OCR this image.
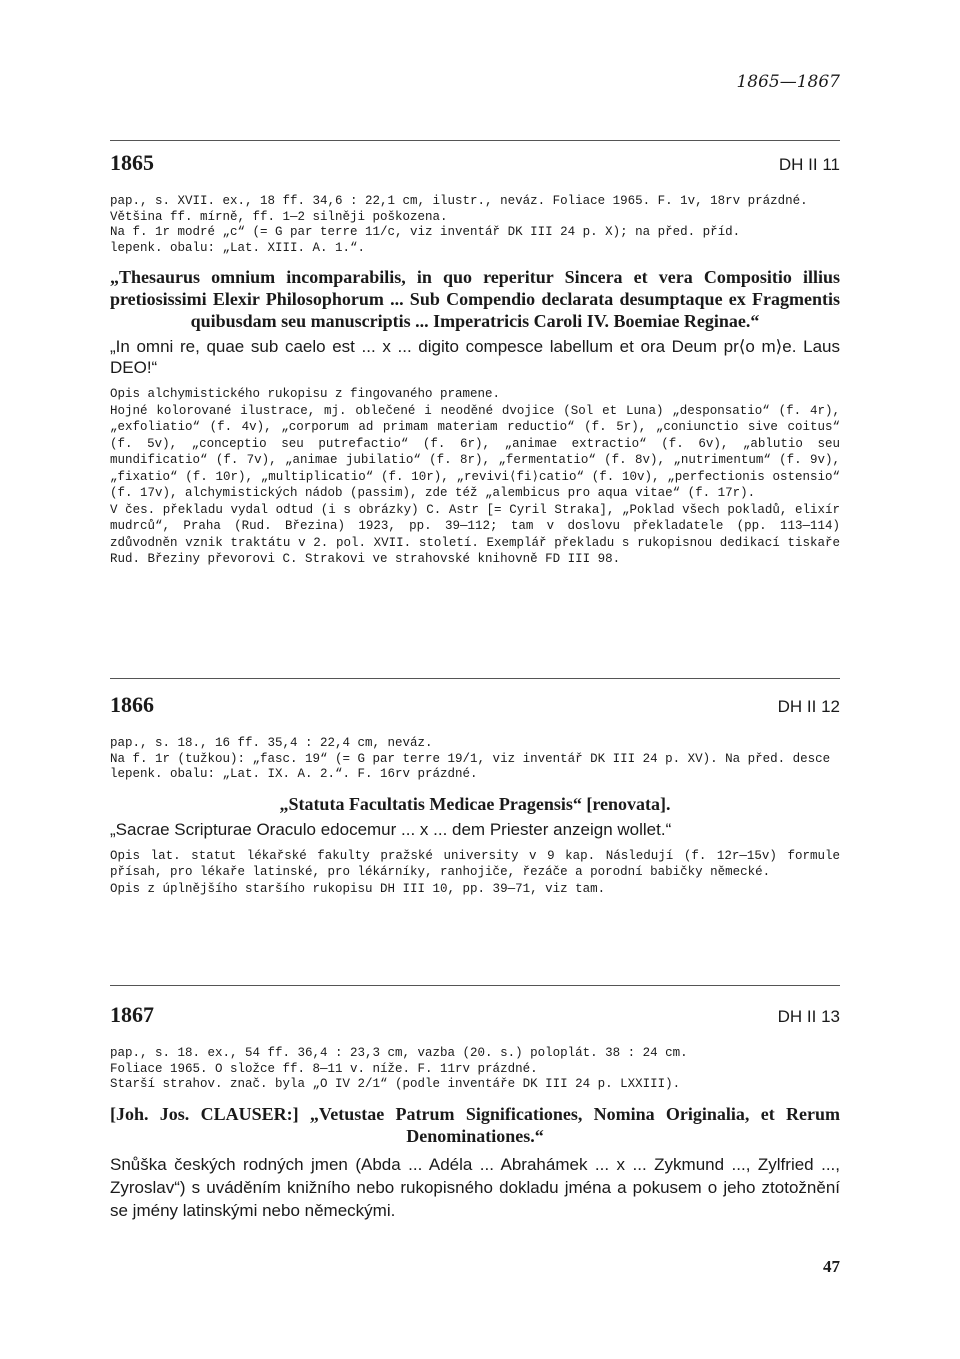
1865—1867
1865	DH II 11
pap., s. XVII. ex., 18 ff. 34,6 : 22,1 cm, ilustr., neváz. Foliace 1965. F. 1v, 18rv prázdné.
Většina ff. mírně, ff. 1—2 silněji poškozena.
Na f. 1r modré „c“ (= G par terre 11/c, viz inventář DK III 24 p. X); na před. příd.
lepenk. obalu: „Lat. XIII. A. 1.“.
„Thesaurus omnium incomparabilis, in quo reperitur Sincera et vera Compositio illius pretiosissimi Elexir Philosophorum ... Sub Compendio declarata desumptaque ex Fragmentis quibusdam seu manuscriptis ... Imperatricis Caroli IV. Boemiae Reginae.“
„In omni re, quae sub caelo est ... x ... digito compesce labellum et ora Deum pr⟨o m⟩e. Laus DEO!“

Opis alchymistického rukopisu z fingovaného pramene.

Hojné kolorované ilustrace, mj. oblečené i neoděné dvojice (Sol et Luna) „desponsatio“ (f. 4r), „exfoliatio“ (f. 4v), „corporum ad primam materiam reductio“ (f. 5r), „coniunctio sive coitus“ (f. 5v), „conceptio seu putrefactio“ (f. 6r), „animae extractio“ (f. 6v), „ablutio seu mundificatio“ (f. 7v), „animae jubilatio“ (f. 8r), „fermentatio“ (f. 8v), „nutrimentum“ (f. 9v), „fixatio“ (f. 10r), „multiplicatio“ (f. 10r), „revivi⟨fi⟩catio“ (f. 10v), „perfectionis ostensio“ (f. 17v), alchymistických nádob (passim), zde též „alembicus pro aqua vitae“ (f. 17r).

V čes. překladu vydal odtud (i s obrázky) C. Astr [= Cyril Straka], „Poklad všech pokladů, elixír mudrců“, Praha (Rud. Březina) 1923, pp. 39—112; tam v doslovu překladatele (pp. 113—114) zdůvodněn vznik traktátu v 2. pol. XVII. století. Exemplář překladu s rukopisnou dedikací tiskaře Rud. Březiny převorovi C. Strakovi ve strahovské knihovně FD III 98.

1866	DH II 12
pap., s. 18., 16 ff. 35,4 : 22,4 cm, neváz.
Na f. 1r (tužkou): „fasc. 19“ (= G par terre 19/1, viz inventář DK III 24 p. XV). Na před. desce lepenk. obalu: „Lat. IX. A. 2.“. F. 16rv prázdné.
„Statuta Facultatis Medicae Pragensis“ [renovata].
„Sacrae Scripturae Oraculo edocemur ... x ... dem Priester anzeign wollet.“

Opis lat. statut lékařské fakulty pražské university v 9 kap. Následují (f. 12r—15v) formule přísah, pro lékaře latinské, pro lékárníky, ranhojiče, řezáče a porodní babičky německé.

Opis z úplnějšího staršího rukopisu DH III 10, pp. 39—71, viz tam.

1867	DH II 13
pap., s. 18. ex., 54 ff. 36,4 : 23,3 cm, vazba (20. s.) poloplát. 38 : 24 cm.
Foliace 1965. O složce ff. 8—11 v. níže. F. 11rv prázdné.
Starší strahov. znač. byla „O IV 2/1“ (podle inventáře DK III 24 p. LXXIII).
[Joh. Jos. CLAUSER:] „Vetustae Patrum Significationes, Nomina Originalia, et Rerum Denominationes.“
Snůška českých rodných jmen (Abda ... Adéla ... Abrahámek ... x ... Zykmund ..., Zylfried ..., Zyroslav“) s uváděním knižního nebo rukopisného dokladu jména a pokusem o jeho ztotožnění se jmény latinskými nebo německými.
47
